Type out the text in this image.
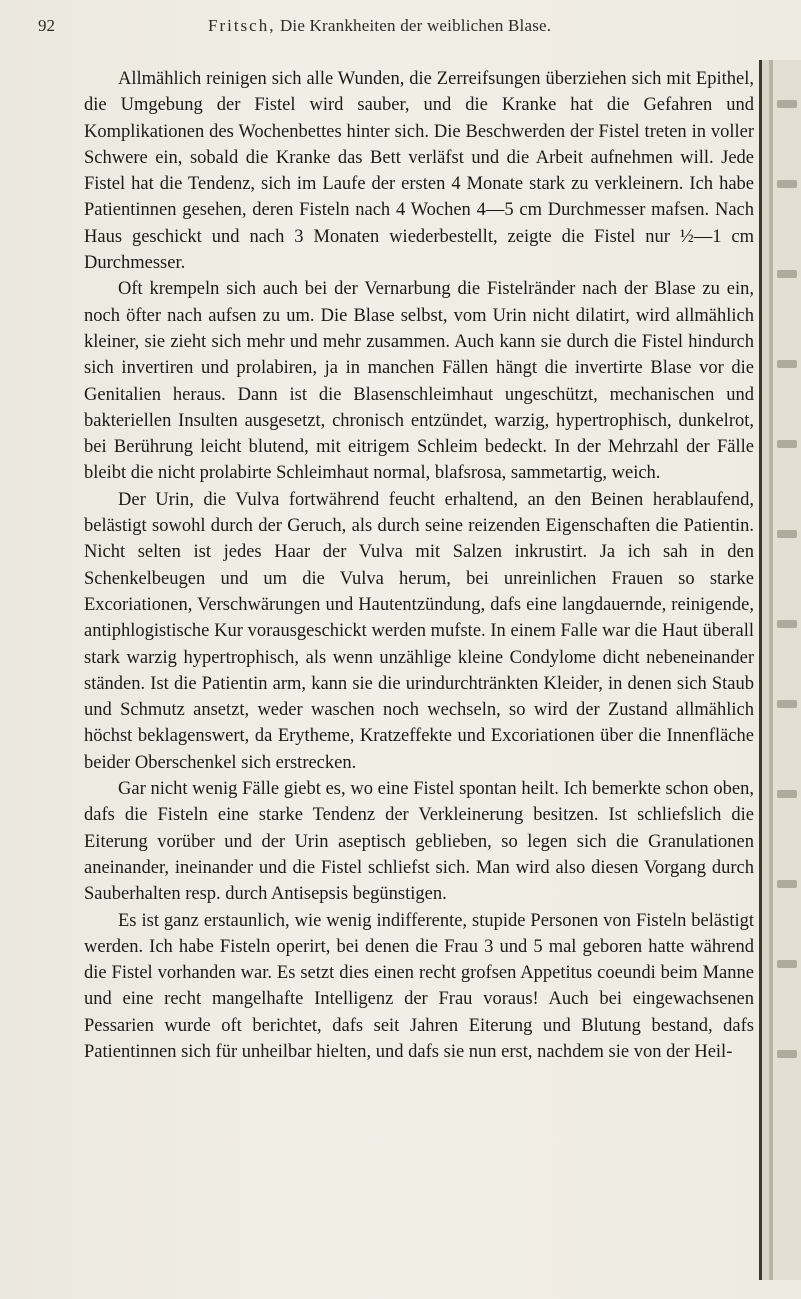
92	Fritsch, Die Krankheiten der weiblichen Blase.

Allmählich reinigen sich alle Wunden, die Zerreifsungen überziehen sich mit Epithel, die Umgebung der Fistel wird sauber, und die Kranke hat die Gefahren und Komplikationen des Wochenbettes hinter sich. Die Beschwerden der Fistel treten in voller Schwere ein, sobald die Kranke das Bett verläfst und die Arbeit aufnehmen will. Jede Fistel hat die Tendenz, sich im Laufe der ersten 4 Monate stark zu verkleinern. Ich habe Patientinnen gesehen, deren Fisteln nach 4 Wochen 4—5 cm Durchmesser mafsen. Nach Haus geschickt und nach 3 Monaten wiederbestellt, zeigte die Fistel nur ½—1 cm Durchmesser.

Oft krempeln sich auch bei der Vernarbung die Fistelränder nach der Blase zu ein, noch öfter nach aufsen zu um. Die Blase selbst, vom Urin nicht dilatirt, wird allmählich kleiner, sie zieht sich mehr und mehr zusammen. Auch kann sie durch die Fistel hindurch sich invertiren und prolabiren, ja in manchen Fällen hängt die invertirte Blase vor die Genitalien heraus. Dann ist die Blasenschleimhaut ungeschützt, mechanischen und bakteriellen Insulten ausgesetzt, chronisch entzündet, warzig, hypertrophisch, dunkelrot, bei Berührung leicht blutend, mit eitrigem Schleim bedeckt. In der Mehrzahl der Fälle bleibt die nicht prolabirte Schleimhaut normal, blafsrosa, sammetartig, weich.

Der Urin, die Vulva fortwährend feucht erhaltend, an den Beinen herablaufend, belästigt sowohl durch der Geruch, als durch seine reizenden Eigenschaften die Patientin. Nicht selten ist jedes Haar der Vulva mit Salzen inkrustirt. Ja ich sah in den Schenkelbeugen und um die Vulva herum, bei unreinlichen Frauen so starke Excoriationen, Verschwärungen und Hautentzündung, dafs eine langdauernde, reinigende, antiphlogistische Kur vorausgeschickt werden mufste. In einem Falle war die Haut überall stark warzig hypertrophisch, als wenn unzählige kleine Condylome dicht nebeneinander ständen. Ist die Patientin arm, kann sie die urindurchtränkten Kleider, in denen sich Staub und Schmutz ansetzt, weder waschen noch wechseln, so wird der Zustand allmählich höchst beklagenswert, da Erytheme, Kratzeffekte und Excoriationen über die Innenfläche beider Oberschenkel sich erstrecken.

Gar nicht wenig Fälle giebt es, wo eine Fistel spontan heilt. Ich bemerkte schon oben, dafs die Fisteln eine starke Tendenz der Verkleinerung besitzen. Ist schliefslich die Eiterung vorüber und der Urin aseptisch geblieben, so legen sich die Granulationen aneinander, ineinander und die Fistel schliefst sich. Man wird also diesen Vorgang durch Sauberhalten resp. durch Antisepsis begünstigen.

Es ist ganz erstaunlich, wie wenig indifferente, stupide Personen von Fisteln belästigt werden. Ich habe Fisteln operirt, bei denen die Frau 3 und 5 mal geboren hatte während die Fistel vorhanden war. Es setzt dies einen recht grofsen Appetitus coeundi beim Manne und eine recht mangelhafte Intelligenz der Frau voraus! Auch bei eingewachsenen Pessarien wurde oft berichtet, dafs seit Jahren Eiterung und Blutung bestand, dafs Patientinnen sich für unheilbar hielten, und dafs sie nun erst, nachdem sie von der Heil-
